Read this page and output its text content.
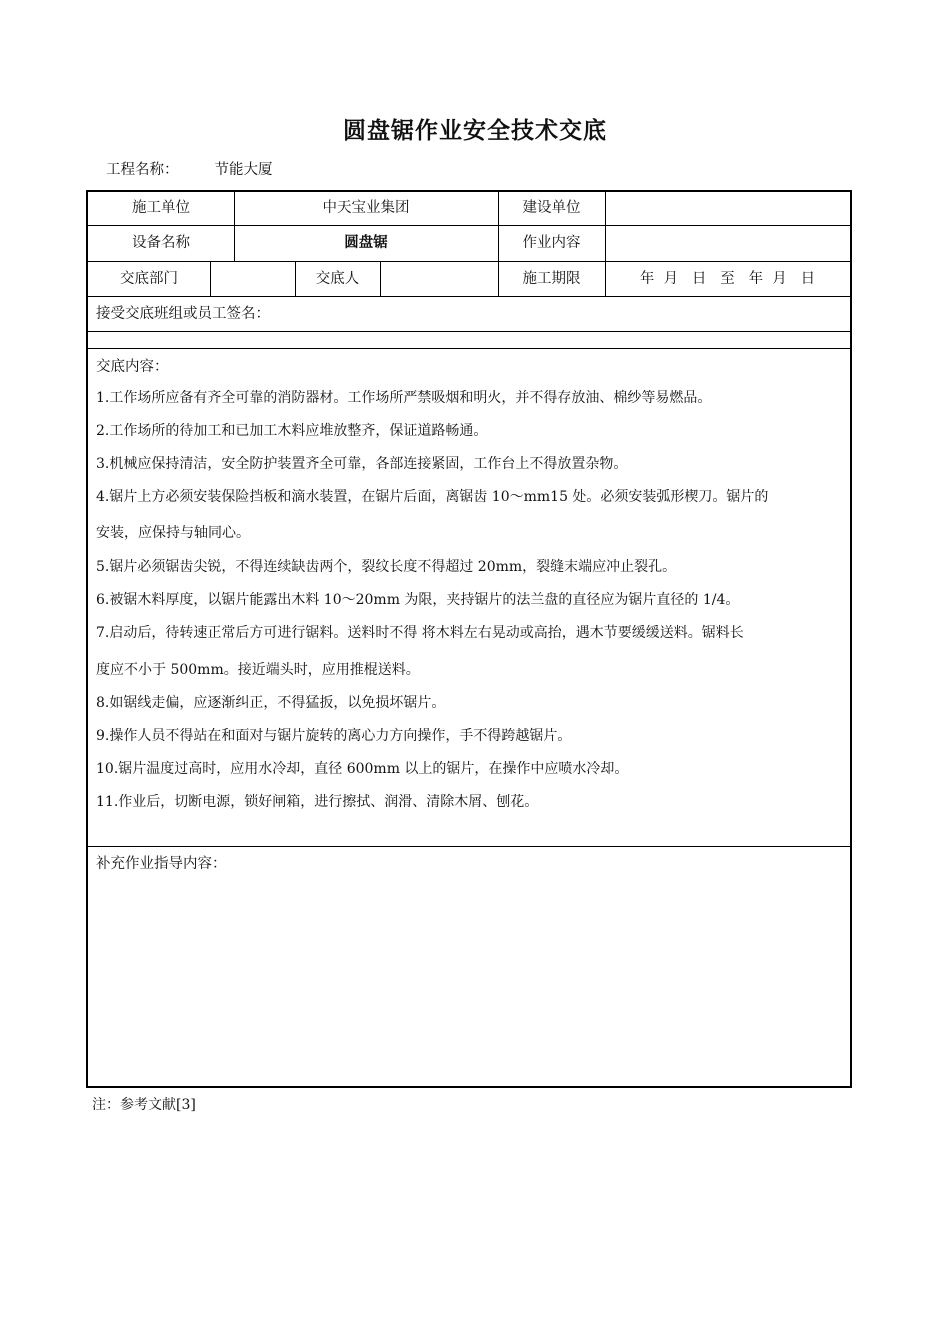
圆盘锯作业安全技术交底
工程名称： 节能大厦
施工单位	中天宝业集团	建设单位
设备名称	圆盘锯	作业内容
交底部门	交底人	施工期限	年  月   日   至   年  月   日
接受交底班组或员工签名：
交底内容：
1.工作场所应备有齐全可靠的消防器材。工作场所严禁吸烟和明火，并不得存放油、棉纱等易燃品。
2.工作场所的待加工和已加工木料应堆放整齐，保证道路畅通。
3.机械应保持清洁，安全防护装置齐全可靠，各部连接紧固，工作台上不得放置杂物。
4.锯片上方必须安装保险挡板和滴水装置，在锯片后面，离锯齿 10～mm15 处。必须安装弧形楔刀。锯片的
安装，应保持与轴同心。
5.锯片必须锯齿尖锐，不得连续缺齿两个，裂纹长度不得超过 20mm，裂缝末端应冲止裂孔。
6.被锯木料厚度，以锯片能露出木料 10～20mm 为限，夹持锯片的法兰盘的直径应为锯片直径的 1/4。
7.启动后，待转速正常后方可进行锯料。送料时不得 将木料左右晃动或高抬，遇木节要缓缓送料。锯料长
度应不小于 500mm。接近端头时，应用推棍送料。
8.如锯线走偏，应逐渐纠正，不得猛扳，以免损坏锯片。
9.操作人员不得站在和面对与锯片旋转的离心力方向操作，手不得跨越锯片。
10.锯片温度过高时，应用水冷却，直径 600mm 以上的锯片，在操作中应喷水冷却。
11.作业后，切断电源，锁好闸箱，进行擦拭、润滑、清除木屑、刨花。
补充作业指导内容：
注：参考文献[3]
